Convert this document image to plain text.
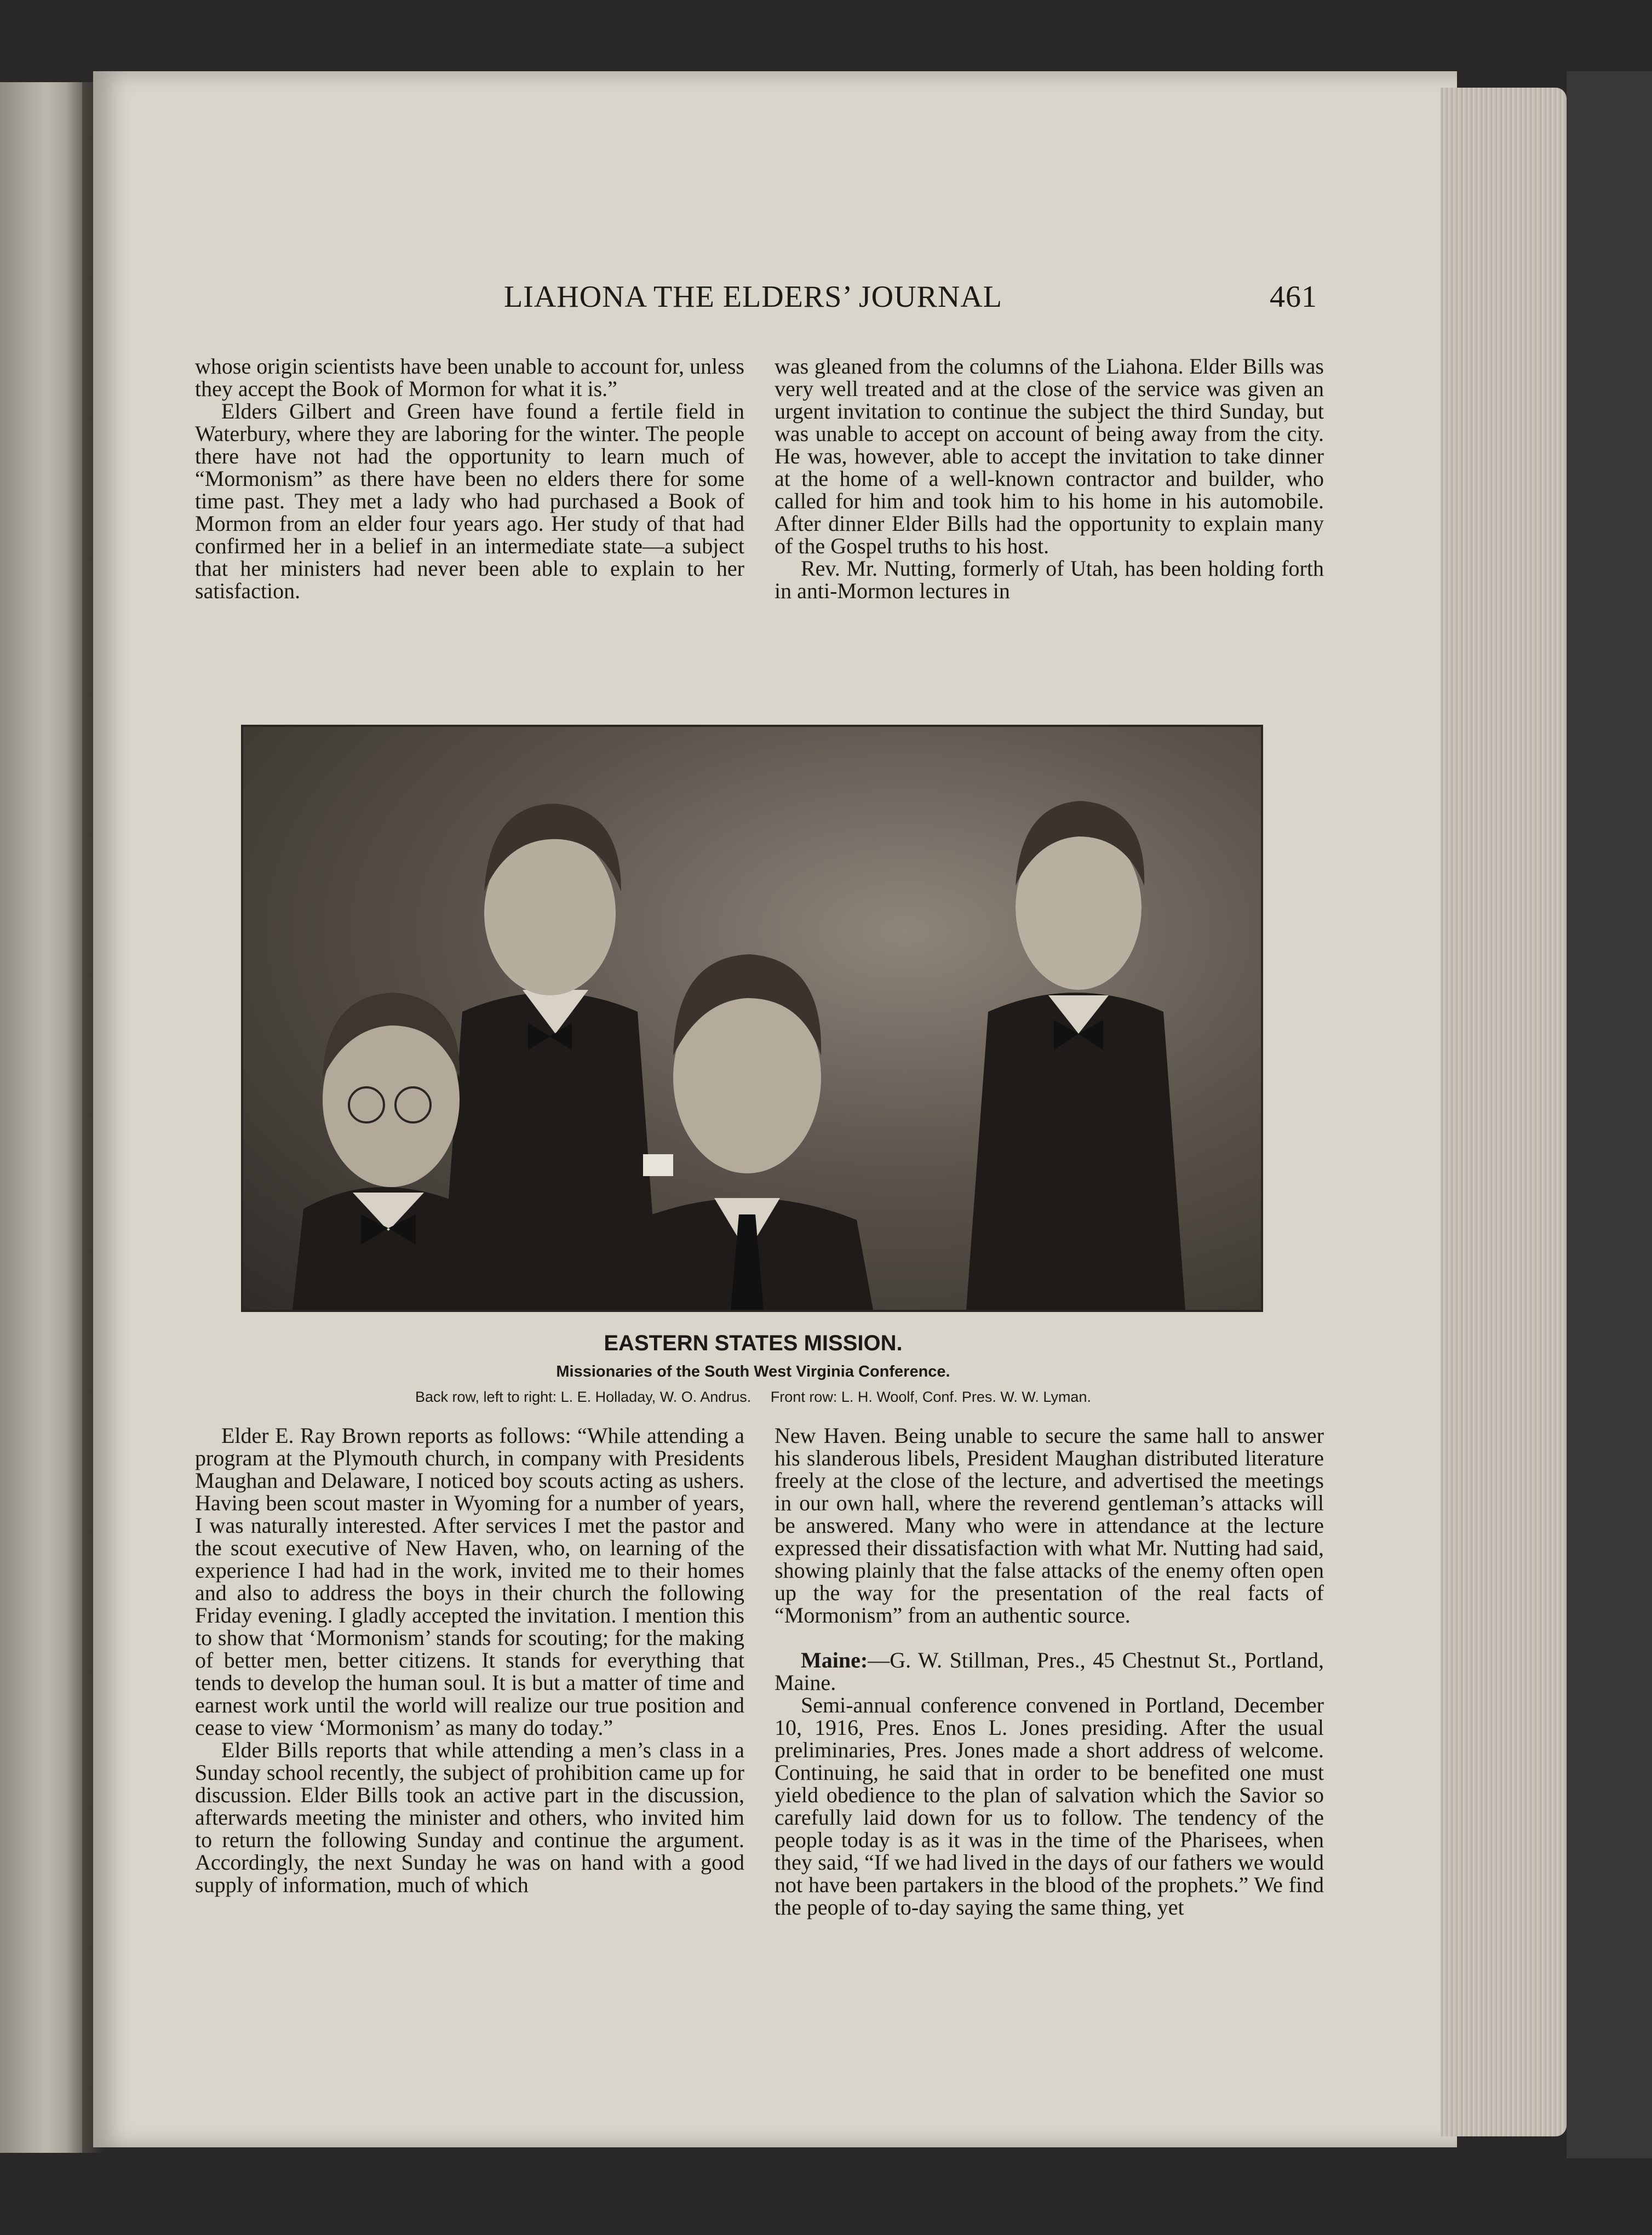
LIAHONA THE ELDERS’ JOURNAL	461

whose origin scientists have been unable to account for, unless they accept the Book of Mormon for what it is.”

Elders Gilbert and Green have found a fertile field in Waterbury, where they are laboring for the winter. The people there have not had the opportunity to learn much of “Mormonism” as there have been no elders there for some time past. They met a lady who had purchased a Book of Mormon from an elder four years ago. Her study of that had confirmed her in a belief in an intermediate state—a subject that her ministers had never been able to explain to her satisfaction.

was gleaned from the columns of the Liahona. Elder Bills was very well treated and at the close of the service was given an urgent invitation to continue the subject the third Sunday, but was unable to accept on account of being away from the city. He was, however, able to accept the invitation to take dinner at the home of a well-known contractor and builder, who called for him and took him to his home in his automobile. After dinner Elder Bills had the opportunity to explain many of the Gospel truths to his host.

Rev. Mr. Nutting, formerly of Utah, has been holding forth in anti-Mormon lectures in

EASTERN STATES MISSION.
Missionaries of the South West Virginia Conference.
Back row, left to right: L. E. Holladay, W. O. Andrus. Front row: L. H. Woolf, Conf. Pres. W. W. Lyman.

Elder E. Ray Brown reports as follows: “While attending a program at the Plymouth church, in company with Presidents Maughan and Delaware, I noticed boy scouts acting as ushers. Having been scout master in Wyoming for a number of years, I was naturally interested. After services I met the pastor and the scout executive of New Haven, who, on learning of the experience I had had in the work, invited me to their homes and also to address the boys in their church the following Friday evening. I gladly accepted the invitation. I mention this to show that ‘Mormonism’ stands for scouting; for the making of better men, better citizens. It stands for everything that tends to develop the human soul. It is but a matter of time and earnest work until the world will realize our true position and cease to view ‘Mormonism’ as many do today.”

Elder Bills reports that while attending a men’s class in a Sunday school recently, the subject of prohibition came up for discussion. Elder Bills took an active part in the discussion, afterwards meeting the minister and others, who invited him to return the following Sunday and continue the argument. Accordingly, the next Sunday he was on hand with a good supply of information, much of which

New Haven. Being unable to secure the same hall to answer his slanderous libels, President Maughan distributed literature freely at the close of the lecture, and advertised the meetings in our own hall, where the reverend gentleman’s attacks will be answered. Many who were in attendance at the lecture expressed their dissatisfaction with what Mr. Nutting had said, showing plainly that the false attacks of the enemy often open up the way for the presentation of the real facts of “Mormonism” from an authentic source.

Maine:—G. W. Stillman, Pres., 45 Chestnut St., Portland, Maine.

Semi-annual conference convened in Portland, December 10, 1916, Pres. Enos L. Jones presiding. After the usual preliminaries, Pres. Jones made a short address of welcome. Continuing, he said that in order to be benefited one must yield obedience to the plan of salvation which the Savior so carefully laid down for us to follow. The tendency of the people today is as it was in the time of the Pharisees, when they said, “If we had lived in the days of our fathers we would not have been partakers in the blood of the prophets.” We find the people of to-day saying the same thing, yet
